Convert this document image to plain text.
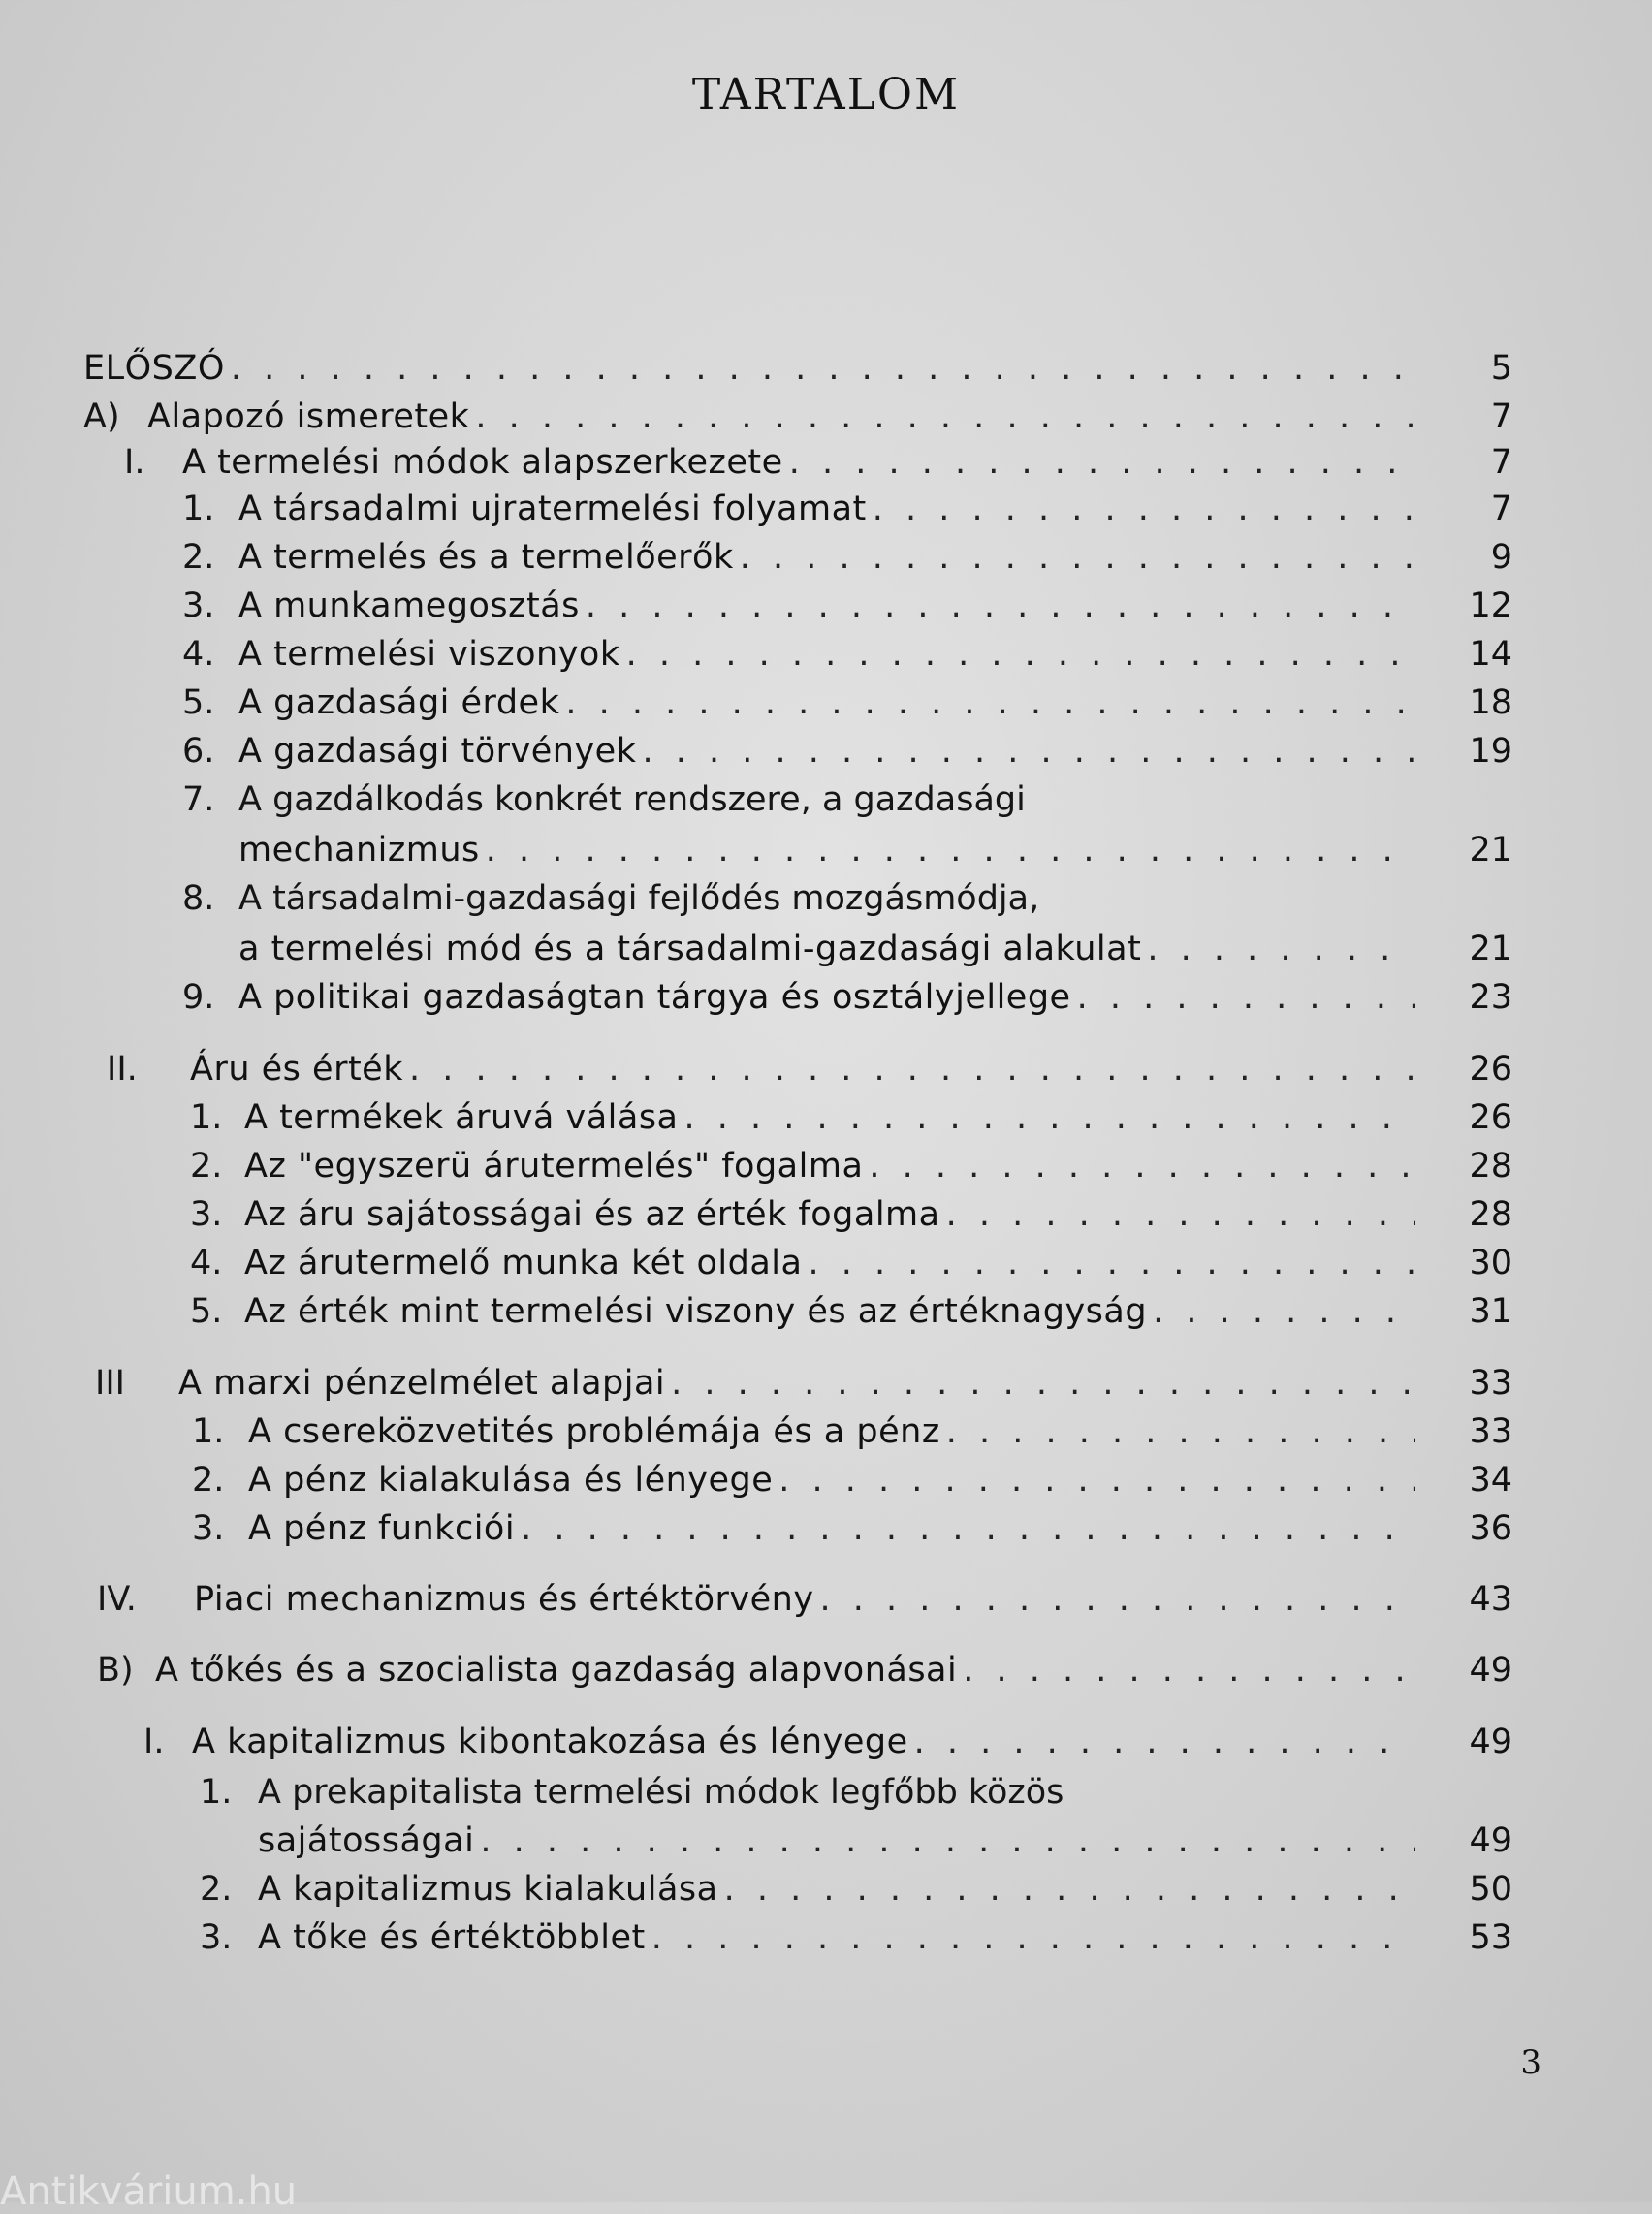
TARTALOM
ELŐSZÓ . . .	5
A) Alapozó ismeretek . . .	7
I. A termelési módok alapszerkezete . . .	7
1. A társadalmi ujratermelési folyamat . . .	7
2. A termelés és a termelőerők . . .	9
3. A munkamegosztás . . .	12
4. A termelési viszonyok . . .	14
5. A gazdasági érdek . . .	18
6. A gazdasági törvények . . .	19
7. A gazdálkodás konkrét rendszere, a gazdasági
mechanizmus . . .	21
8. A társadalmi-gazdasági fejlődés mozgásmódja,
a termelési mód és a társadalmi-gazdasági alakulat . . .	21
9. A politikai gazdaságtan tárgya és osztályjellege . . .	23
II. Áru és érték . . .	26
1. A termékek áruvá válása . . .	26
2. Az "egyszerü árutermelés" fogalma . . .	28
3. Az áru sajátosságai és az érték fogalma . . .	28
4. Az árutermelő munka két oldala . . .	30
5. Az érték mint termelési viszony és az értéknagyság . . .	31
III A marxi pénzelmélet alapjai . . .	33
1. A csereközvetités problémája és a pénz . . .	33
2. A pénz kialakulása és lényege . . .	34
3. A pénz funkciói . . .	36
IV. Piaci mechanizmus és értéktörvény . . .	43
B) A tőkés és a szocialista gazdaság alapvonásai . . .	49
I. A kapitalizmus kibontakozása és lényege . . .	49
1. A prekapitalista termelési módok legfőbb közös
sajátosságai . . .	49
2. A kapitalizmus kialakulása . . .	50
3. A tőke és értéktöbblet . . .	53
3
Antikvárium.hu
